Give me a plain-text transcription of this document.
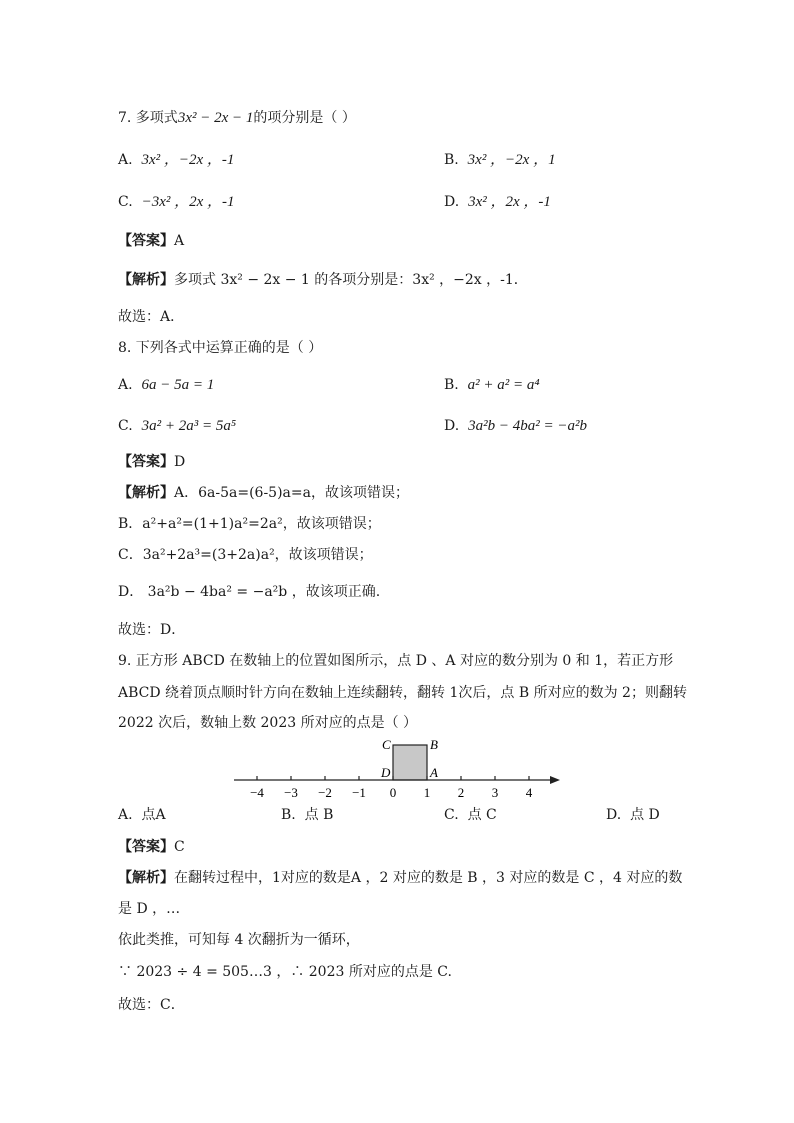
7. 多项式3x² − 2x − 1的项分别是（ ）
A. 3x² ，−2x ，-1	B. 3x² ，−2x ，1
C. −3x² ，2x ，-1	D. 3x² ，2x ，-1
【答案】A
【解析】多项式 3x² − 2x − 1 的各项分别是：3x² ，−2x ，-1．
故选：A．
8. 下列各式中运算正确的是（ ）
A. 6a − 5a = 1	B. a² + a² = a⁴
C. 3a² + 2a³ = 5a⁵	D. 3a²b − 4ba² = −a²b
【答案】D
【解析】A．6a-5a=(6-5)a=a，故该项错误；
B．a²+a²=(1+1)a²=2a²，故该项错误；
C．3a²+2a³=(3+2a)a²，故该项错误；
D． 3a²b − 4ba² = −a²b ，故该项正确.
故选：D．
9. 正方形 ABCD 在数轴上的位置如图所示，点 D 、A 对应的数分别为 0 和 1，若正方形
ABCD 绕着顶点顺时针方向在数轴上连续翻转，翻转 1次后，点 B 所对应的数为 2；则翻转
2022 次后，数轴上数 2023 所对应的点是（ ）
−4 −3 −2 −1 0 1 2 3 4
C	B
D	A
A. 点A	B. 点 B	C. 点 C	D. 点 D
【答案】C
【解析】在翻转过程中，1对应的数是A ，2 对应的数是 B ，3 对应的数是 C ，4 对应的数
是 D ，…
依此类推，可知每 4 次翻折为一循环，
∵ 2023 ÷ 4 = 505…3 ，∴ 2023 所对应的点是 C.
故选：C．
